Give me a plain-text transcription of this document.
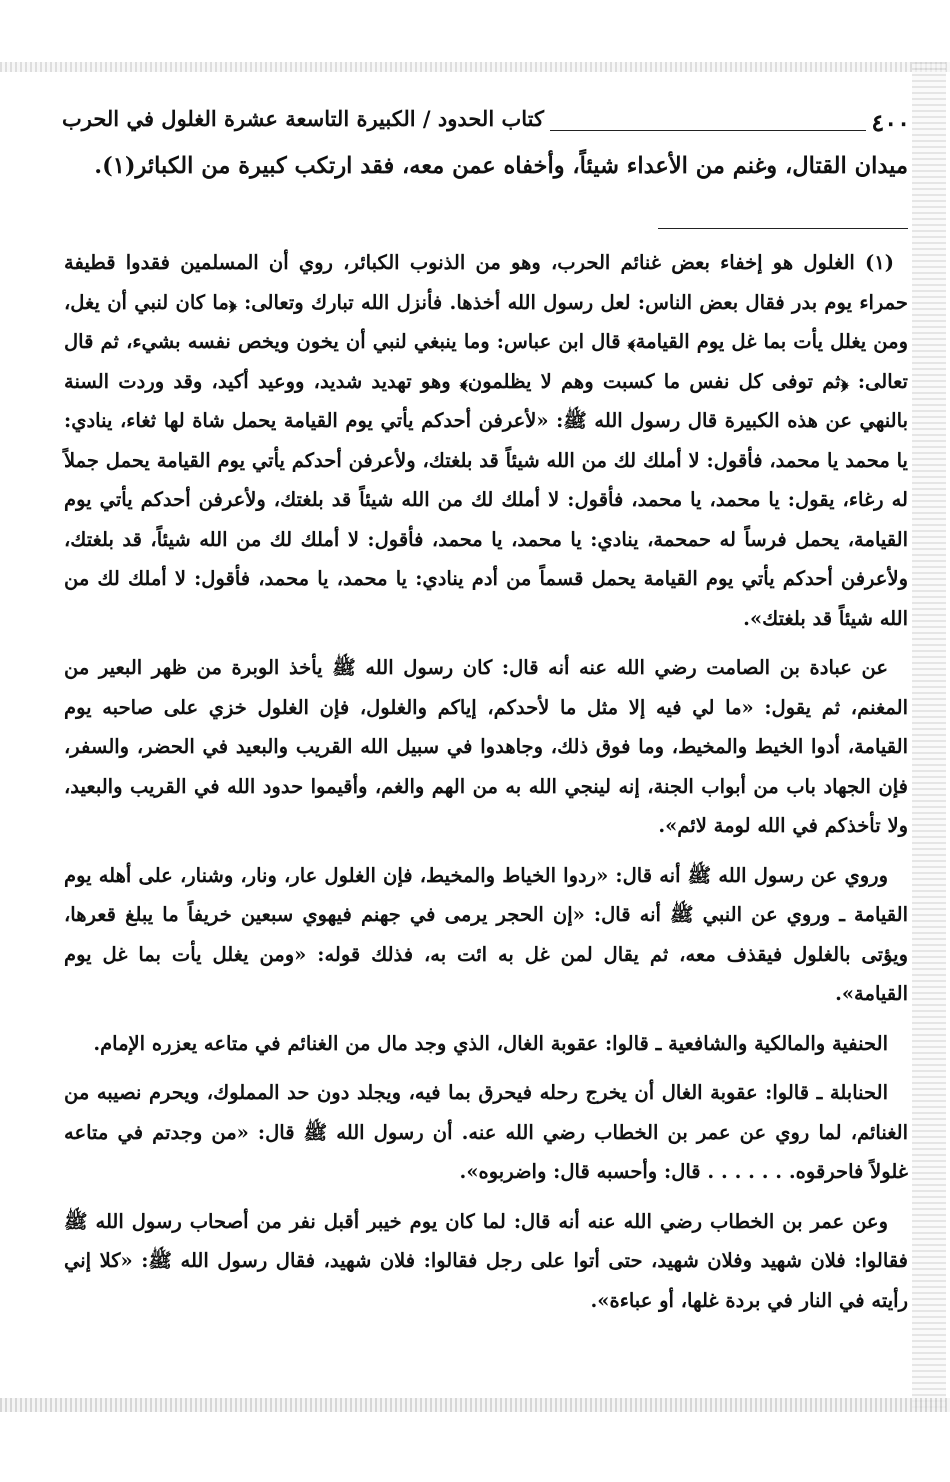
٤٠٠
كتاب الحدود / الكبيرة التاسعة عشرة الغلول في الحرب

ميدان القتال، وغنم من الأعداء شيئاً، وأخفاه عمن معه، فقد ارتكب كبيرة من الكبائر(١).

(١) الغلول هو إخفاء بعض غنائم الحرب، وهو من الذنوب الكبائر، روي أن المسلمين فقدوا قطيفة حمراء يوم بدر فقال بعض الناس: لعل رسول الله أخذها. فأنزل الله تبارك وتعالى: ﴿ما كان لنبي أن يغل، ومن يغلل يأت بما غل يوم القيامة﴾ قال ابن عباس: وما ينبغي لنبي أن يخون ويخص نفسه بشيء، ثم قال تعالى: ﴿ثم توفى كل نفس ما كسبت وهم لا يظلمون﴾ وهو تهديد شديد، ووعيد أكيد، وقد وردت السنة بالنهي عن هذه الكبيرة قال رسول الله ﷺ: «لأعرفن أحدكم يأتي يوم القيامة يحمل شاة لها ثغاء، ينادي: يا محمد يا محمد، فأقول: لا أملك لك من الله شيئاً قد بلغتك، ولأعرفن أحدكم يأتي يوم القيامة يحمل جملاً له رغاء، يقول: يا محمد، يا محمد، فأقول: لا أملك لك من الله شيئاً قد بلغتك، ولأعرفن أحدكم يأتي يوم القيامة، يحمل فرساً له حمحمة، ينادي: يا محمد، يا محمد، فأقول: لا أملك لك من الله شيئاً، قد بلغتك، ولأعرفن أحدكم يأتي يوم القيامة يحمل قسماً من أدم ينادي: يا محمد، يا محمد، فأقول: لا أملك لك من الله شيئاً قد بلغتك».

عن عبادة بن الصامت رضي الله عنه أنه قال: كان رسول الله ﷺ يأخذ الوبرة من ظهر البعير من المغنم، ثم يقول: «ما لي فيه إلا مثل ما لأحدكم، إياكم والغلول، فإن الغلول خزي على صاحبه يوم القيامة، أدوا الخيط والمخيط، وما فوق ذلك، وجاهدوا في سبيل الله القريب والبعيد في الحضر، والسفر، فإن الجهاد باب من أبواب الجنة، إنه لينجي الله به من الهم والغم، وأقيموا حدود الله في القريب والبعيد، ولا تأخذكم في الله لومة لائم».

وروي عن رسول الله ﷺ أنه قال: «ردوا الخياط والمخيط، فإن الغلول عار، ونار، وشنار، على أهله يوم القيامة ـ وروي عن النبي ﷺ أنه قال: «إن الحجر يرمى في جهنم فيهوي سبعين خريفاً ما يبلغ قعرها، ويؤتى بالغلول فيقذف معه، ثم يقال لمن غل به ائت به، فذلك قوله: «ومن يغلل يأت بما غل يوم القيامة».

الحنفية والمالكية والشافعية ـ قالوا: عقوبة الغال، الذي وجد مال من الغنائم في متاعه يعزره الإمام.

الحنابلة ـ قالوا: عقوبة الغال أن يخرج رحله فيحرق بما فيه، ويجلد دون حد المملوك، ويحرم نصيبه من الغنائم، لما روي عن عمر بن الخطاب رضي الله عنه. أن رسول الله ﷺ قال: «من وجدتم في متاعه غلولاً فاحرقوه. . . . . . . قال: وأحسبه قال: واضربوه».

وعن عمر بن الخطاب رضي الله عنه أنه قال: لما كان يوم خيبر أقبل نفر من أصحاب رسول الله ﷺ فقالوا: فلان شهيد وفلان شهيد، حتى أتوا على رجل فقالوا: فلان شهيد، فقال رسول الله ﷺ: «كلا إني رأيته في النار في بردة غلها، أو عباءة».
